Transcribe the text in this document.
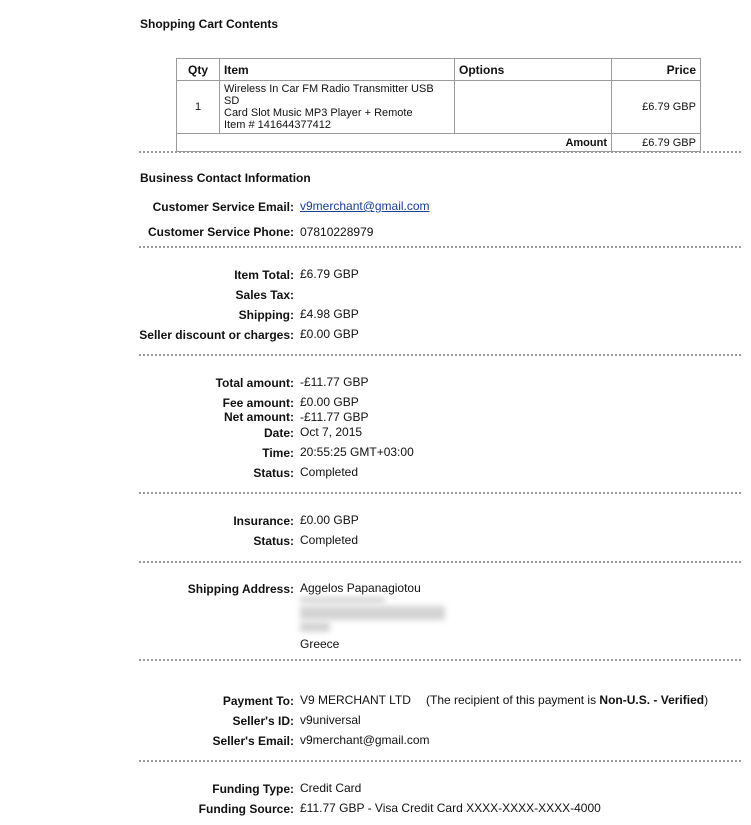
Shopping Cart Contents
Qty	Item	Options	Price
1	Wireless In Car FM Radio Transmitter USB SD
Card Slot Music MP3 Player + Remote
Item # 141644377412		£6.79 GBP
Amount			£6.79 GBP
Business Contact Information
Customer Service Email: v9merchant@gmail.com
Customer Service Phone: 07810228979
Item Total: £6.79 GBP
Sales Tax:
Shipping: £4.98 GBP
Seller discount or charges: £0.00 GBP
Total amount: -£11.77 GBP
Fee amount: £0.00 GBP
Net amount: -£11.77 GBP
Date: Oct 7, 2015
Time: 20:55:25 GMT+03:00
Status: Completed
Insurance: £0.00 GBP
Status: Completed
Shipping Address: Aggelos Papanagiotou
Greece
Payment To: V9 MERCHANT LTD (The recipient of this payment is Non-U.S. - Verified)
Seller's ID: v9universal
Seller's Email: v9merchant@gmail.com
Funding Type: Credit Card
Funding Source: £11.77 GBP - Visa Credit Card XXXX-XXXX-XXXX-4000
